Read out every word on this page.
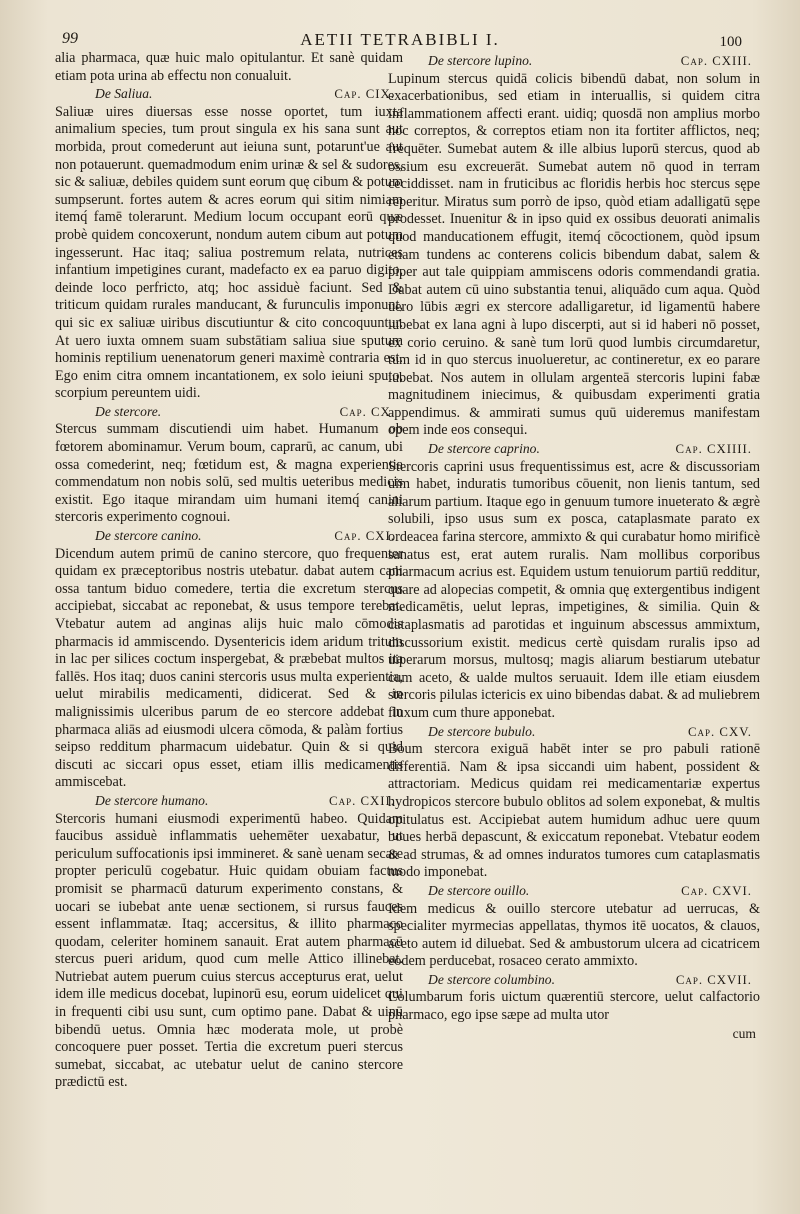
99	AETII TETRABIBLI I.	100

alia pharmaca, quæ huic malo opitulantur. Et sanè quidam etiam pota urina ab effectu non conualuit.

De Saliua.	Cap. CIX.

Saliuæ uires diuersas esse nosse oportet, tum iuxta animalium species, tum prout singula ex his sana sunt aut morbida, prout comederunt aut ieiuna sunt, potarunt'ue aut non potauerunt. quemadmodum enim urinæ & sel & sudores, sic & saliuæ, debiles quidem sunt eorum quę cibum & potum sumpserunt. fortes autem & acres eorum qui sitim nimiam itemq́ famē tolerarunt. Medium locum occupant eorū quæ probè quidem concoxerunt, nondum autem cibum aut potum ingesserunt. Hac itaq; saliua postremum relata, nutrices infantium impetigines curant, madefacto ex ea paruo digito, deinde loco perfricto, atq; hoc assiduè faciunt. Sed & triticum quidam rurales manducant, & furunculis imponunt, qui sic ex saliuæ uiribus discutiuntur & cito concoquuntur. At uero iuxta omnem suam substātiam saliua siue sputum hominis reptilium uenenatorum generi maximè contraria est. Ego enim citra omnem incantationem, ex solo ieiuni sputo, scorpium pereuntem uidi.

De stercore.	Cap. CX.

Stercus summam discutiendi uim habet. Humanum ob fœtorem abominamur. Verum boum, caprarū, ac canum, ubi ossa comederint, neq; fœtidum est, & magna experientia commendatum non nobis solū, sed multis ueteribus medicis existit. Ego itaque mirandam uim humani itemq́ canini stercoris experimento cognoui.

De stercore canino.	Cap. CXI.

Dicendum autem primū de canino stercore, quo frequenter quidam ex præceptoribus nostris utebatur. dabat autem cani ossa tantum biduo comedere, tertia die excretum stercus accipiebat, siccabat ac reponebat, & usus tempore terebat. Vtebatur autem ad anginas alijs huic malo cōmodis pharmacis id ammiscendo. Dysentericis idem aridum tritum in lac per silices coctum inspergebat, & præbebat multos ita fallēs. Hos itaq; duos canini stercoris usus multa experientia, uelut mirabilis medicamenti, didicerat. Sed & in malignissimis ulceribus parum de eo stercore addebat in pharmaca aliās ad eiusmodi ulcera cōmoda, & palàm fortius seipso redditum pharmacum uidebatur. Quin & si quid discuti ac siccari opus esset, etiam illis medicamentis ammiscebat.

De stercore humano.	Cap. CXII.

Stercoris humani eiusmodi experimentū habeo. Quidam faucibus assiduè inflammatis uehemēter uexabatur, ut periculum suffocationis ipsi immineret. & sanè uenam secare propter periculū cogebatur. Huic quidam obuiam factus promisit se pharmacū daturum experimento constans, & uocari se iubebat ante uenæ sectionem, si rursus fauces essent inflammatæ. Itaq; accersitus, & illito pharmaco quodam, celeriter hominem sanauit. Erat autem pharmacū stercus pueri aridum, quod cum melle Attico illinebat. Nutriebat autem puerum cuius stercus accepturus erat, uelut idem ille medicus docebat, lupinorū esu, eorum uidelicet qui in frequenti cibi usu sunt, cum optimo pane. Dabat & uinū bibendū uetus. Omnia hæc moderata mole, ut probè concoquere puer posset. Tertia die excretum pueri stercus sumebat, siccabat, ac utebatur uelut de canino stercore prædictū est.

De stercore lupino.	Cap. CXIII.

Lupinum stercus quidā colicis bibendū dabat, non solum in exacerbationibus, sed etiam in interuallis, si quidem citra inflammationem affecti erant. uidiq; quosdā non amplius morbo hoc correptos, & correptos etiam non ita fortiter afflictos, neq; frequēter. Sumebat autem & ille albius luporū stercus, quod ab ossium esu excreuerāt. Sumebat autem nō quod in terram ceciddisset. nam in fruticibus ac floridis herbis hoc stercus sępe reperitur. Miratus sum porrò de ipso, quòd etiam adalligatū sępe prodesset. Inuenitur & in ipso quid ex ossibus deuorati animalis quod manducationem effugit, itemq́ cōcoctionem, quòd ipsum etiam tundens ac conterens colicis bibendum dabat, salem & piper aut tale quippiam ammiscens odoris commendandi gratia. Dabat autem cū uino substantia tenui, aliquādo cum aqua. Quòd uero lūbis ægri ex stercore adalligaretur, id ligamentū habere iubebat ex lana agni à lupo discerpti, aut si id haberi nō posset, ex corio ceruino. & sanè tum lorū quod lumbis circumdaretur, tum id in quo stercus inuolueretur, ac contineretur, ex eo parare iubebat. Nos autem in ollulam argenteā stercoris lupini fabæ magnitudinem iniecimus, & quibusdam experimenti gratia appendimus. & ammirati sumus quū uideremus manifestam opem inde eos consequi.

De stercore caprino.	Cap. CXIIII.

Stercoris caprini usus frequentissimus est, acre & discussoriam uim habet, induratis tumoribus cōuenit, non lienis tantum, sed aliarum partium. Itaque ego in genuum tumore inueterato & ægrè solubili, ipso usus sum ex posca, cataplasmate parato ex ordeacea farina stercore, ammixto & qui curabatur homo mirificè sanatus est, erat autem ruralis. Nam mollibus corporibus pharmacum acrius est. Equidem ustum tenuiorum partiū redditur, quare ad alopecias competit, & omnia quę extergentibus indigent medicamētis, uelut lepras, impetigines, & similia. Quin & cataplasmatis ad parotidas et inguinum abscessus ammixtum, discussorium existit. medicus certè quisdam ruralis ipso ad uiperarum morsus, multosq; magis aliarum bestiarum utebatur cum aceto, & ualde multos seruauit. Idem ille etiam eiusdem stercoris pilulas ictericis ex uino bibendas dabat. & ad muliebrem fluxum cum thure apponebat.

De stercore bubulo.	Cap. CXV.

Boum stercora exiguā habēt inter se pro pabuli rationē differentiā. Nam & ipsa siccandi uim habent, possident & attractoriam. Medicus quidam rei medicamentariæ expertus hydropicos stercore bubulo oblitos ad solem exponebat, & multis opitulatus est. Accipiebat autem humidum adhuc uere quum boues herbā depascunt, & exiccatum reponebat. Vtebatur eodem & ad strumas, & ad omnes induratos tumores cum cataplasmatis modo imponebat.

De stercore ouillo.	Cap. CXVI.

Idem medicus & ouillo stercore utebatur ad uerrucas, & specialiter myrmecias appellatas, thymos itē uocatos, & clauos, aceto autem id diluebat. Sed & ambustorum ulcera ad cicatricem eodem perducebat, rosaceo cerato ammixto.

De stercore columbino.	Cap. CXVII.

Columbarum foris uictum quærentiū stercore, uelut calfactorio pharmaco, ego ipse sæpe ad multa utor

cum
